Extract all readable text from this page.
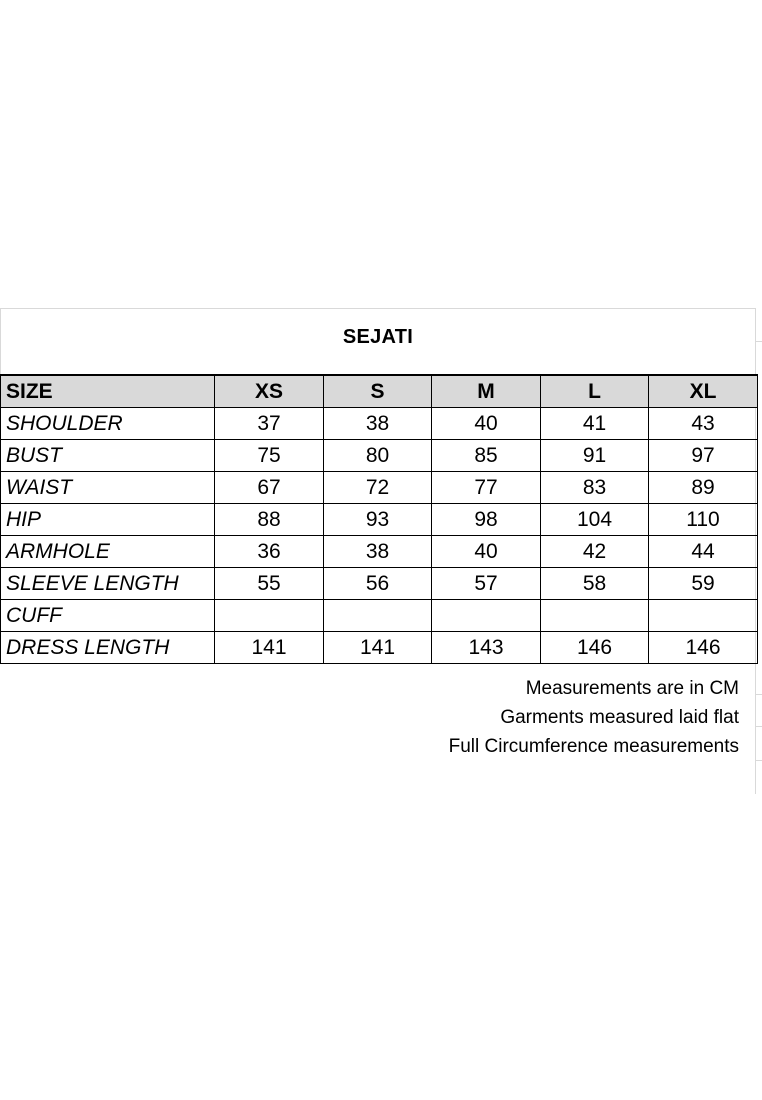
SEJATI
SIZE	XS	S	M	L	XL
SHOULDER	37	38	40	41	43
BUST	75	80	85	91	97
WAIST	67	72	77	83	89
HIP	88	93	98	104	110
ARMHOLE	36	38	40	42	44
SLEEVE LENGTH	55	56	57	58	59
CUFF					
DRESS LENGTH	141	141	143	146	146
Measurements are in CM
Garments measured laid flat
Full Circumference measurements
